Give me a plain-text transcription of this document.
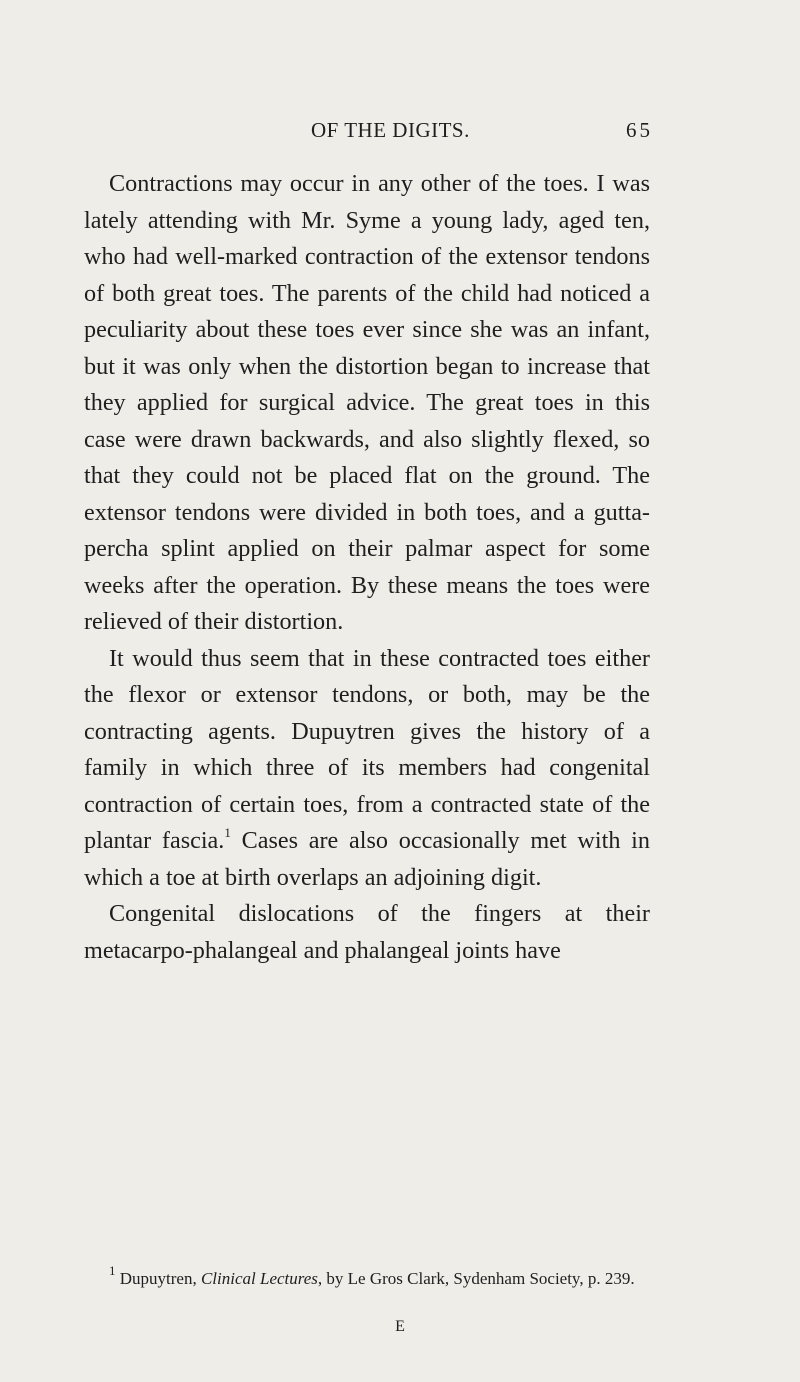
OF THE DIGITS.	65

Contractions may occur in any other of the toes. I was lately attending with Mr. Syme a young lady, aged ten, who had well-marked contraction of the extensor tendons of both great toes. The parents of the child had noticed a peculiarity about these toes ever since she was an infant, but it was only when the distortion began to increase that they applied for surgical advice. The great toes in this case were drawn backwards, and also slightly flexed, so that they could not be placed flat on the ground. The extensor tendons were divided in both toes, and a gutta-percha splint applied on their palmar aspect for some weeks after the operation. By these means the toes were relieved of their distortion.

It would thus seem that in these contracted toes either the flexor or extensor tendons, or both, may be the contracting agents. Dupuytren gives the history of a family in which three of its members had congenital contraction of certain toes, from a contracted state of the plantar fascia.$^1$ Cases are also occasionally met with in which a toe at birth overlaps an adjoining digit.

Congenital dislocations of the fingers at their metacarpo-phalangeal and phalangeal joints have

$^1$ Dupuytren, Clinical Lectures, by Le Gros Clark, Sydenham Society, p. 239.
E
